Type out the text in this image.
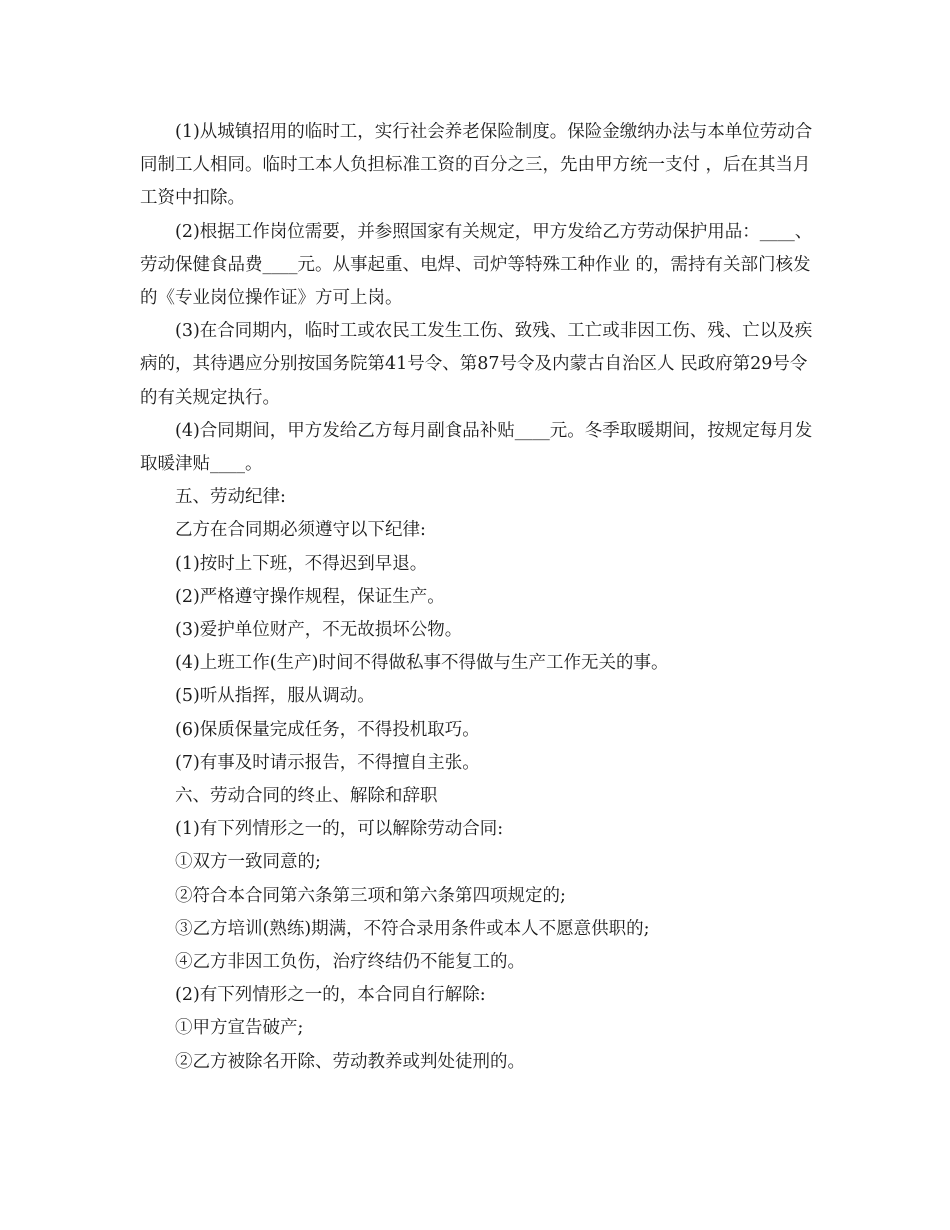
(1)从城镇招用的临时工，实行社会养老保险制度。保险金缴纳办法与本单位劳动合同制工人相同。临时工本人负担标准工资的百分之三，先由甲方统一支付 ，后在其当月工资中扣除。

(2)根据工作岗位需要，并参照国家有关规定，甲方发给乙方劳动保护用品：____、劳动保健食品费____元。从事起重、电焊、司炉等特殊工种作业 的，需持有关部门核发的《专业岗位操作证》方可上岗。

(3)在合同期内，临时工或农民工发生工伤、致残、工亡或非因工伤、残、亡以及疾病的，其待遇应分别按国务院第41号令、第87号令及内蒙古自治区人 民政府第29号令的有关规定执行。

(4)合同期间，甲方发给乙方每月副食品补贴____元。冬季取暖期间，按规定每月发取暖津贴____。

五、劳动纪律:

乙方在合同期必须遵守以下纪律:

(1)按时上下班，不得迟到早退。

(2)严格遵守操作规程，保证生产。

(3)爱护单位财产，不无故损坏公物。

(4)上班工作(生产)时间不得做私事不得做与生产工作无关的事。

(5)听从指挥，服从调动。

(6)保质保量完成任务，不得投机取巧。

(7)有事及时请示报告，不得擅自主张。

六、劳动合同的终止、解除和辞职

(1)有下列情形之一的，可以解除劳动合同:

①双方一致同意的;

②符合本合同第六条第三项和第六条第四项规定的;

③乙方培训(熟练)期满，不符合录用条件或本人不愿意供职的;

④乙方非因工负伤，治疗终结仍不能复工的。

(2)有下列情形之一的，本合同自行解除:

①甲方宣告破产;

②乙方被除名开除、劳动教养或判处徒刑的。
